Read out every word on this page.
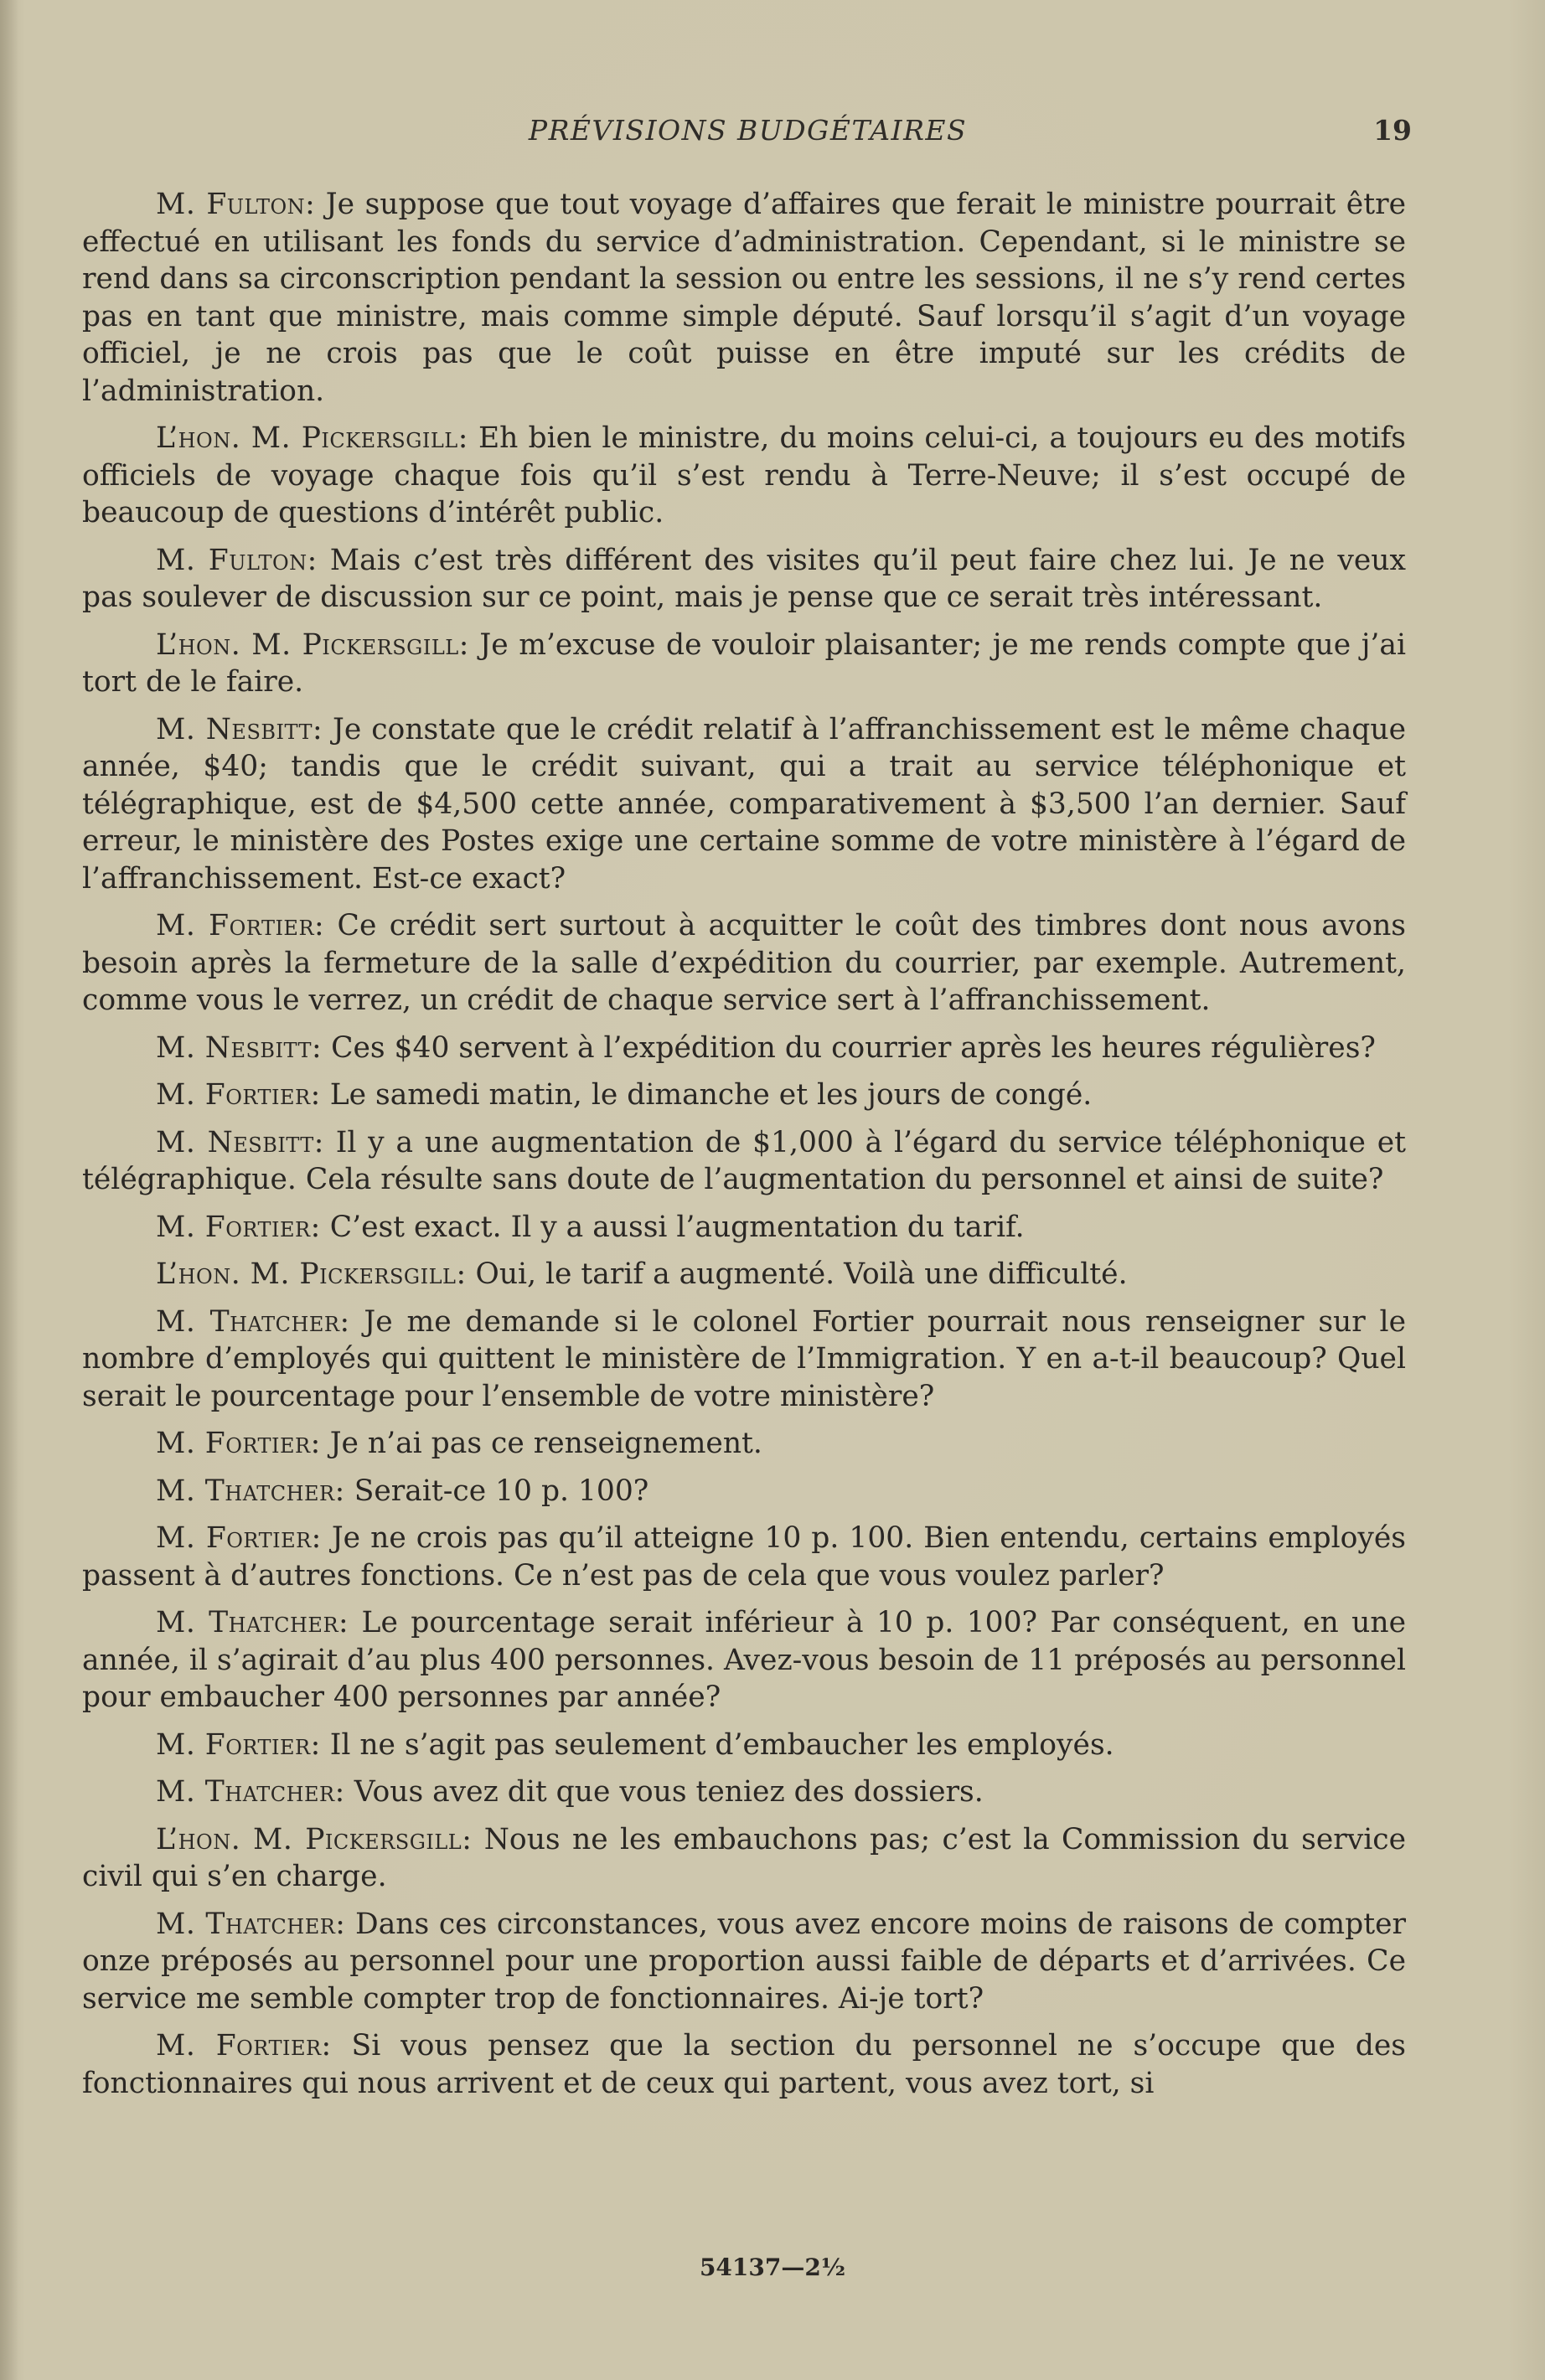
PRÉVISIONS BUDGÉTAIRES	19

M. Fulton: Je suppose que tout voyage d’affaires que ferait le ministre pourrait être effectué en utilisant les fonds du service d’administration. Cependant, si le ministre se rend dans sa circonscription pendant la session ou entre les sessions, il ne s’y rend certes pas en tant que ministre, mais comme simple député. Sauf lorsqu’il s’agit d’un voyage officiel, je ne crois pas que le coût puisse en être imputé sur les crédits de l’administration.

L’hon. M. Pickersgill: Eh bien le ministre, du moins celui-ci, a toujours eu des motifs officiels de voyage chaque fois qu’il s’est rendu à Terre-Neuve; il s’est occupé de beaucoup de questions d’intérêt public.

M. Fulton: Mais c’est très différent des visites qu’il peut faire chez lui. Je ne veux pas soulever de discussion sur ce point, mais je pense que ce serait très intéressant.

L’hon. M. Pickersgill: Je m’excuse de vouloir plaisanter; je me rends compte que j’ai tort de le faire.

M. Nesbitt: Je constate que le crédit relatif à l’affranchissement est le même chaque année, $40; tandis que le crédit suivant, qui a trait au service téléphonique et télégraphique, est de $4,500 cette année, comparativement à $3,500 l’an dernier. Sauf erreur, le ministère des Postes exige une certaine somme de votre ministère à l’égard de l’affranchissement. Est-ce exact?

M. Fortier: Ce crédit sert surtout à acquitter le coût des timbres dont nous avons besoin après la fermeture de la salle d’expédition du courrier, par exemple. Autrement, comme vous le verrez, un crédit de chaque service sert à l’affranchissement.

M. Nesbitt: Ces $40 servent à l’expédition du courrier après les heures régulières?

M. Fortier: Le samedi matin, le dimanche et les jours de congé.

M. Nesbitt: Il y a une augmentation de $1,000 à l’égard du service téléphonique et télégraphique. Cela résulte sans doute de l’augmentation du personnel et ainsi de suite?

M. Fortier: C’est exact. Il y a aussi l’augmentation du tarif.

L’hon. M. Pickersgill: Oui, le tarif a augmenté. Voilà une difficulté.

M. Thatcher: Je me demande si le colonel Fortier pourrait nous renseigner sur le nombre d’employés qui quittent le ministère de l’Immigration. Y en a-t-il beaucoup? Quel serait le pourcentage pour l’ensemble de votre ministère?

M. Fortier: Je n’ai pas ce renseignement.

M. Thatcher: Serait-ce 10 p. 100?

M. Fortier: Je ne crois pas qu’il atteigne 10 p. 100. Bien entendu, certains employés passent à d’autres fonctions. Ce n’est pas de cela que vous voulez parler?

M. Thatcher: Le pourcentage serait inférieur à 10 p. 100? Par conséquent, en une année, il s’agirait d’au plus 400 personnes. Avez-vous besoin de 11 préposés au personnel pour embaucher 400 personnes par année?

M. Fortier: Il ne s’agit pas seulement d’embaucher les employés.

M. Thatcher: Vous avez dit que vous teniez des dossiers.

L’hon. M. Pickersgill: Nous ne les embauchons pas; c’est la Commission du service civil qui s’en charge.

M. Thatcher: Dans ces circonstances, vous avez encore moins de raisons de compter onze préposés au personnel pour une proportion aussi faible de départs et d’arrivées. Ce service me semble compter trop de fonctionnaires. Ai-je tort?

M. Fortier: Si vous pensez que la section du personnel ne s’occupe que des fonctionnaires qui nous arrivent et de ceux qui partent, vous avez tort, si

54137—2½
